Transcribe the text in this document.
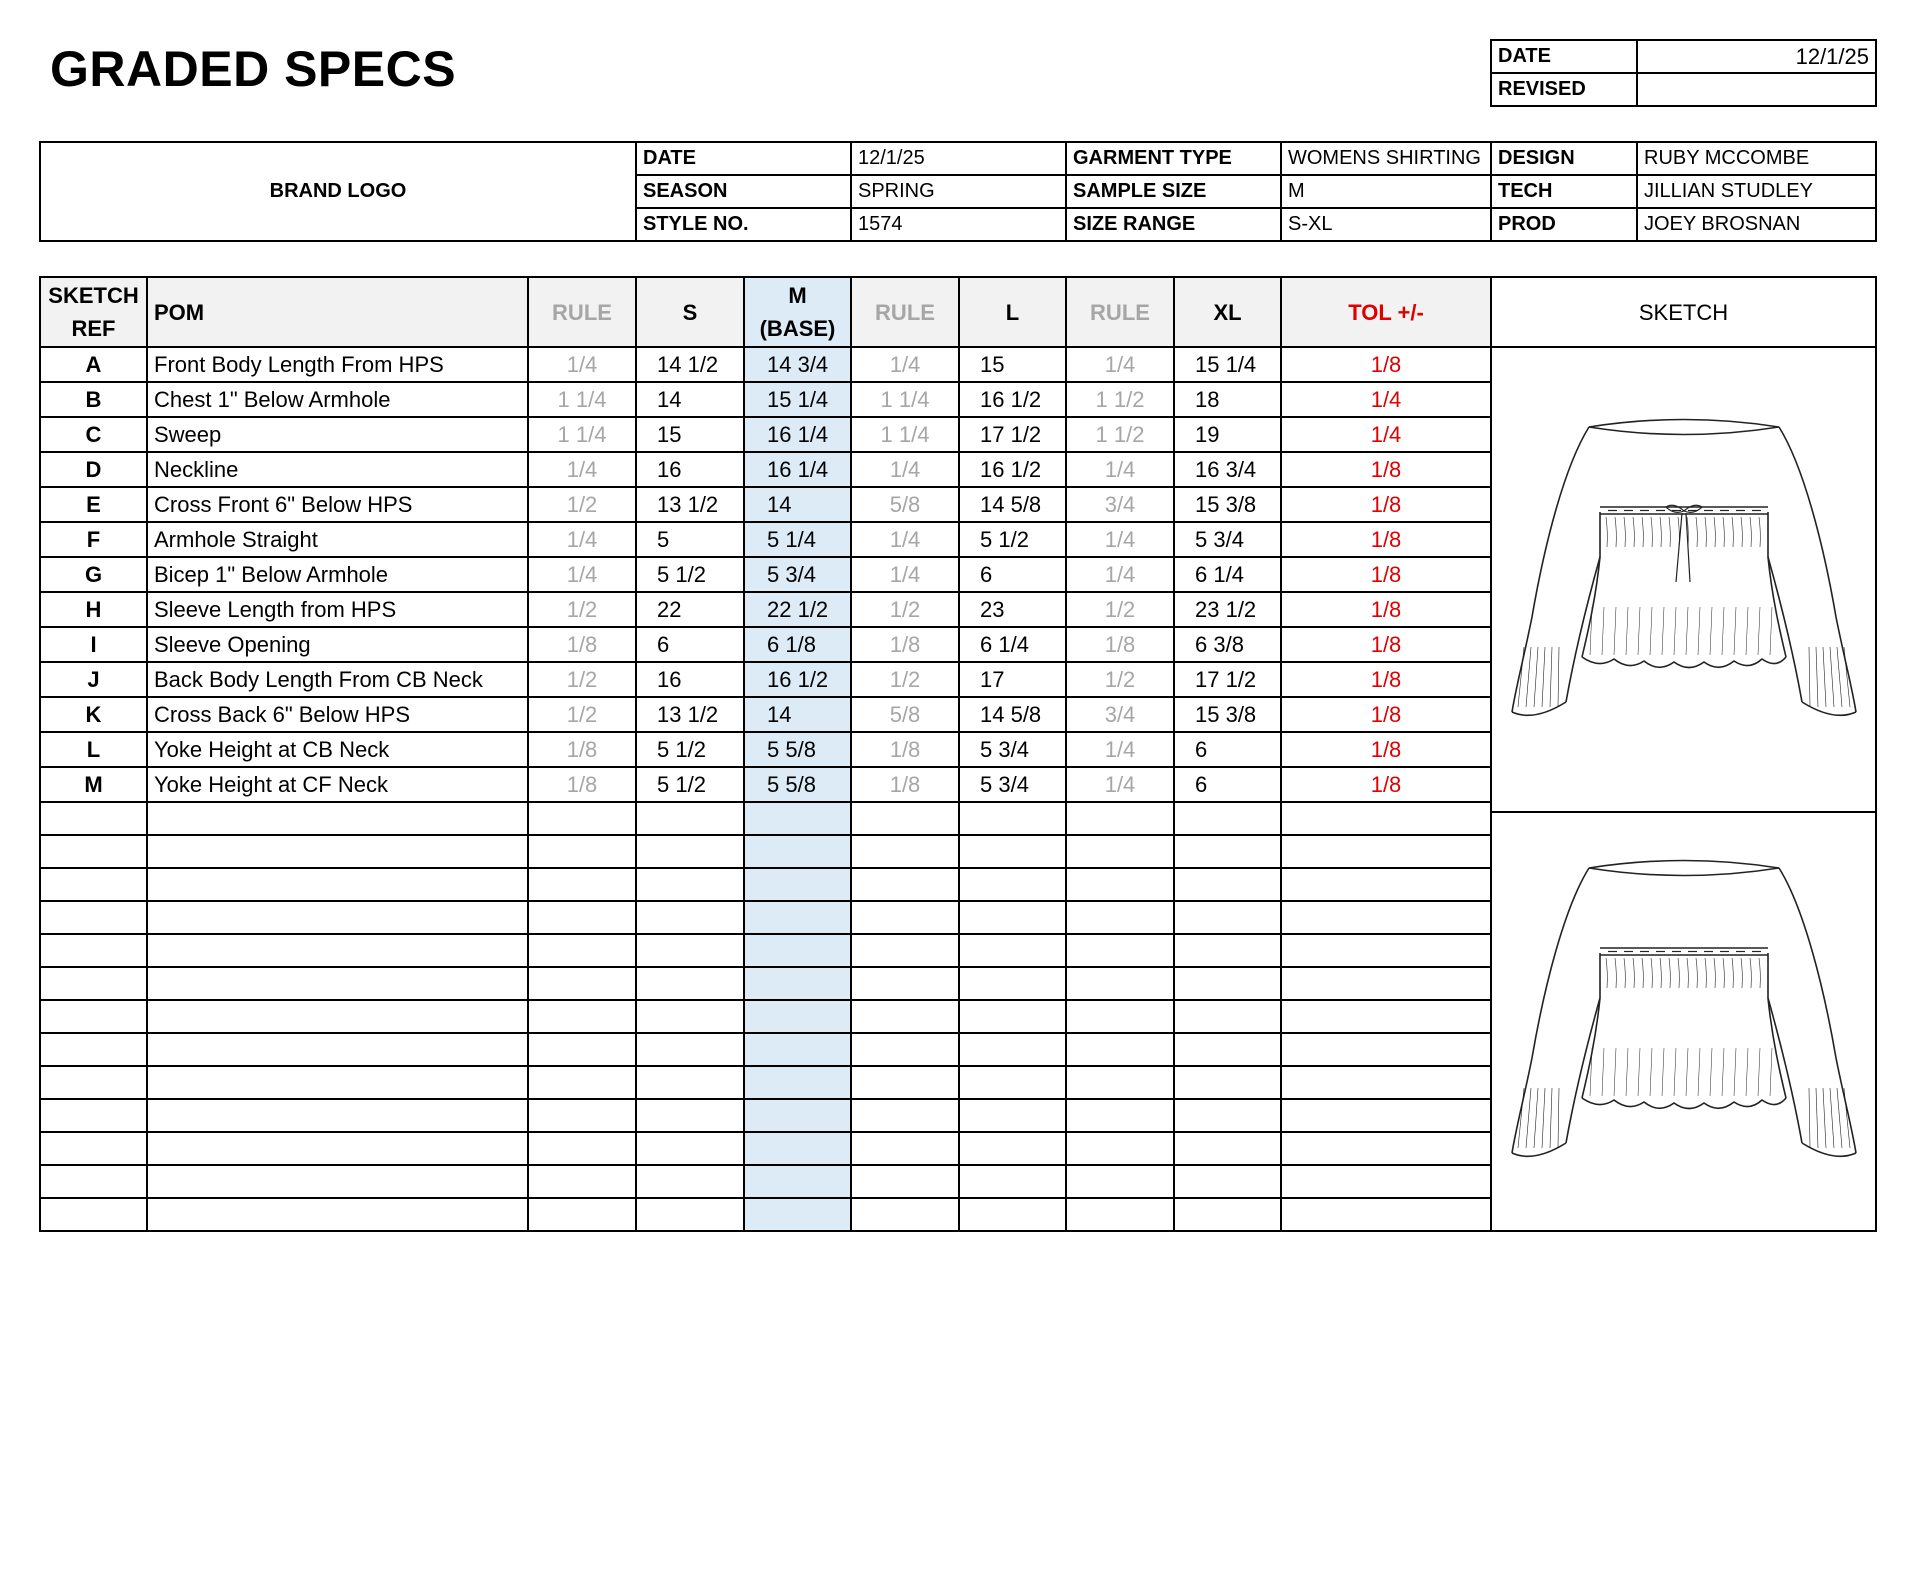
GRADED SPECS	DATE	12/1/25
REVISED	
BRAND LOGO	DATE	12/1/25	GARMENT TYPE	WOMENS SHIRTING	DESIGN	RUBY MCCOMBE
	SEASON	SPRING	SAMPLE SIZE	M	TECH	JILLIAN STUDLEY
	STYLE NO.	1574	SIZE RANGE	S-XL	PROD	JOEY BROSNAN
SKETCH REF	POM	RULE	S	M (BASE)	RULE	L	RULE	XL	TOL +/-	SKETCH
A	Front Body Length From HPS	1/4	14 1/2	14 3/4	1/4	15	1/4	15 1/4	1/8	
B	Chest 1" Below Armhole	1 1/4	14	15 1/4	1 1/4	16 1/2	1 1/2	18	1/4	
C	Sweep	1 1/4	15	16 1/4	1 1/4	17 1/2	1 1/2	19	1/4	
D	Neckline	1/4	16	16 1/4	1/4	16 1/2	1/4	16 3/4	1/8	
E	Cross Front 6" Below HPS	1/2	13 1/2	14	5/8	14 5/8	3/4	15 3/8	1/8	
F	Armhole Straight	1/4	5	5 1/4	1/4	5 1/2	1/4	5 3/4	1/8	
G	Bicep 1" Below Armhole	1/4	5 1/2	5 3/4	1/4	6	1/4	6 1/4	1/8	
H	Sleeve Length from HPS	1/2	22	22 1/2	1/2	23	1/2	23 1/2	1/8	
I	Sleeve Opening	1/8	6	6 1/8	1/8	6 1/4	1/8	6 3/8	1/8	
J	Back Body Length From CB Neck	1/2	16	16 1/2	1/2	17	1/2	17 1/2	1/8	
K	Cross Back 6" Below HPS	1/2	13 1/2	14	5/8	14 5/8	3/4	15 3/8	1/8	
L	Yoke Height at CB Neck	1/8	5 1/2	5 5/8	1/8	5 3/4	1/4	6	1/8	
M	Yoke Height at CF Neck	1/8	5 1/2	5 5/8	1/8	5 3/4	1/4	6	1/8	
